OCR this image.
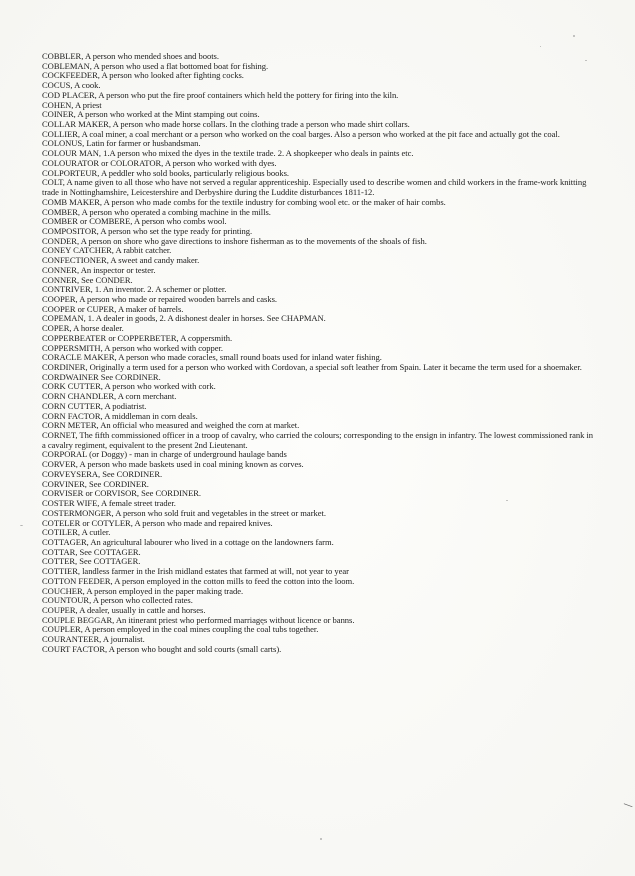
—

COBBLER, A person who mended shoes and boots.

COBLEMAN, A person who used a flat bottomed boat for fishing.

COCKFEEDER, A person who looked after fighting cocks.

COCUS, A cook.

COD PLACER, A person who put the fire proof containers which held the pottery for firing into the kiln.

COHEN, A priest

COINER, A person who worked at the Mint stamping out coins.

COLLAR MAKER, A person who made horse collars. In the clothing trade a person who made shirt collars.

COLLIER, A coal miner, a coal merchant or a person who worked on the coal barges. Also a person who worked at the pit face and actually got the coal.

COLONUS, Latin for farmer or husbandsman.

COLOUR MAN, 1.A person who mixed the dyes in the textile trade. 2. A shopkeeper who deals in paints etc.

COLOURATOR or COLORATOR, A person who worked with dyes.

COLPORTEUR, A peddler who sold books, particularly religious books.

COLT, A name given to all those who have not served a regular apprenticeship. Especially used to describe women and child workers in the frame-work knitting trade in Nottinghamshire, Leicestershire and Derbyshire during the Luddite disturbances 1811-12.

COMB MAKER, A person who made combs for the textile industry for combing wool etc. or the maker of hair combs.

COMBER, A person who operated a combing machine in the mills.

COMBER or COMBERE, A person who combs wool.

COMPOSITOR, A person who set the type ready for printing.

CONDER, A person on shore who gave directions to inshore fisherman as to the movements of the shoals of fish.

CONEY CATCHER, A rabbit catcher.

CONFECTIONER, A sweet and candy maker.

CONNER, An inspector or tester.

CONNER, See CONDER.

CONTRIVER, 1. An inventor. 2. A schemer or plotter.

COOPER, A person who made or repaired wooden barrels and casks.

COOPER or CUPER, A maker of barrels.

COPEMAN, 1. A dealer in goods, 2. A dishonest dealer in horses. See CHAPMAN.

COPER, A horse dealer.

COPPERBEATER or COPPERBETER, A coppersmith.

COPPERSMITH, A person who worked with copper.

CORACLE MAKER, A person who made coracles, small round boats used for inland water fishing.

CORDINER, Originally a term used for a person who worked with Cordovan, a special soft leather from Spain. Later it became the term used for a shoemaker.

CORDWAINER See CORDINER.

CORK CUTTER, A person who worked with cork.

CORN CHANDLER, A corn merchant.

CORN CUTTER, A podiatrist.

CORN FACTOR, A middleman in corn deals.

CORN METER, An official who measured and weighed the corn at market.

CORNET, The fifth commissioned officer in a troop of cavalry, who carried the colours; corresponding to the ensign in infantry. The lowest commissioned rank in a cavalry regiment, equivalent to the present 2nd Lieutenant.

CORPORAL (or Doggy) - man in charge of underground haulage bands

CORVER, A person who made baskets used in coal mining known as corves.

CORVEYSERA, See CORDINER.

CORVINER, See CORDINER.

CORVISER or CORVISOR, See CORDINER.

COSTER WIFE, A female street trader.

COSTERMONGER, A person who sold fruit and vegetables in the street or market.

COTELER or COTYLER, A person who made and repaired knives.

COTILER, A cutler.

COTTAGER, An agricultural labourer who lived in a cottage on the landowners farm.

COTTAR, See COTTAGER.

COTTER, See COTTAGER.

COTTIER, landless farmer in the Irish midland estates that farmed at will, not year to year

COTTON FEEDER, A person employed in the cotton mills to feed the cotton into the loom.

COUCHER, A person employed in the paper making trade.

COUNTOUR, A person who collected rates.

COUPER, A dealer, usually in cattle and horses.

COUPLE BEGGAR, An itinerant priest who performed marriages without licence or banns.

COUPLER, A person employed in the coal mines coupling the coal tubs together.

COURANTEER, A journalist.

COURT FACTOR, A person who bought and sold courts (small carts).
